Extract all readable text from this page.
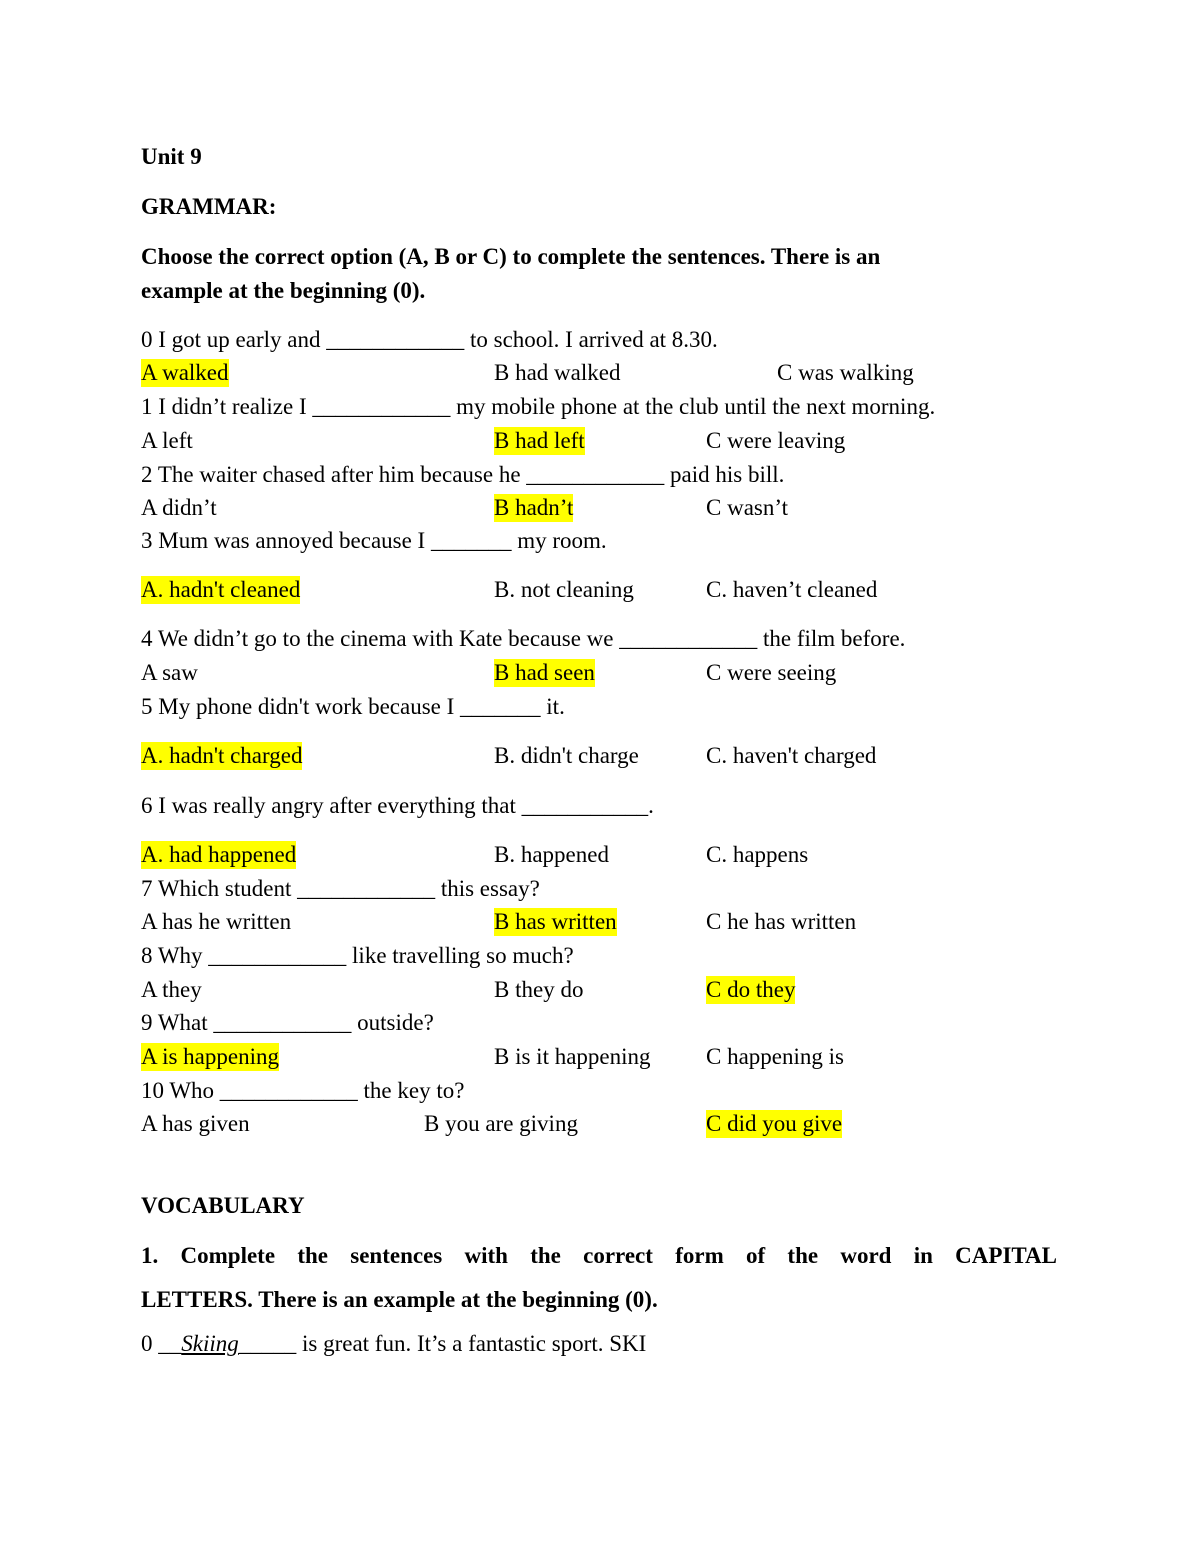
Unit 9
GRAMMAR:
Choose the correct option (A, B or C) to complete the sentences. There is an
example at the beginning (0).
0 I got up early and ____________ to school. I arrived at 8.30.
A walked	B had walked	C was walking
1 I didn’t realize I ____________ my mobile phone at the club until the next morning.
A left	B had left	C were leaving
2 The waiter chased after him because he ____________ paid his bill.
A didn’t	B hadn’t	C wasn’t
3 Mum was annoyed because I _______ my room.
A. hadn't cleaned	B. not cleaning	C. haven’t cleaned
4 We didn’t go to the cinema with Kate because we ____________ the film before.
A saw	B had seen	C were seeing
5 My phone didn't work because I _______ it.
A. hadn't charged	B. didn't charge	C. haven't charged
6 I was really angry after everything that ___________.
A. had happened	B. happened	C. happens
7 Which student ____________ this essay?
A has he written	B has written	C he has written
8 Why ____________ like travelling so much?
A they	B they do	C do they
9 What ____________ outside?
A is happening	B is it happening C happening is
10 Who ____________ the key to?
A has given	B you are giving	C did you give
VOCABULARY
1. Complete the sentences with the correct form of the word in CAPITAL
LETTERS. There is an example at the beginning (0).
0 __Skiing_____ is great fun. It’s a fantastic sport. SKI
